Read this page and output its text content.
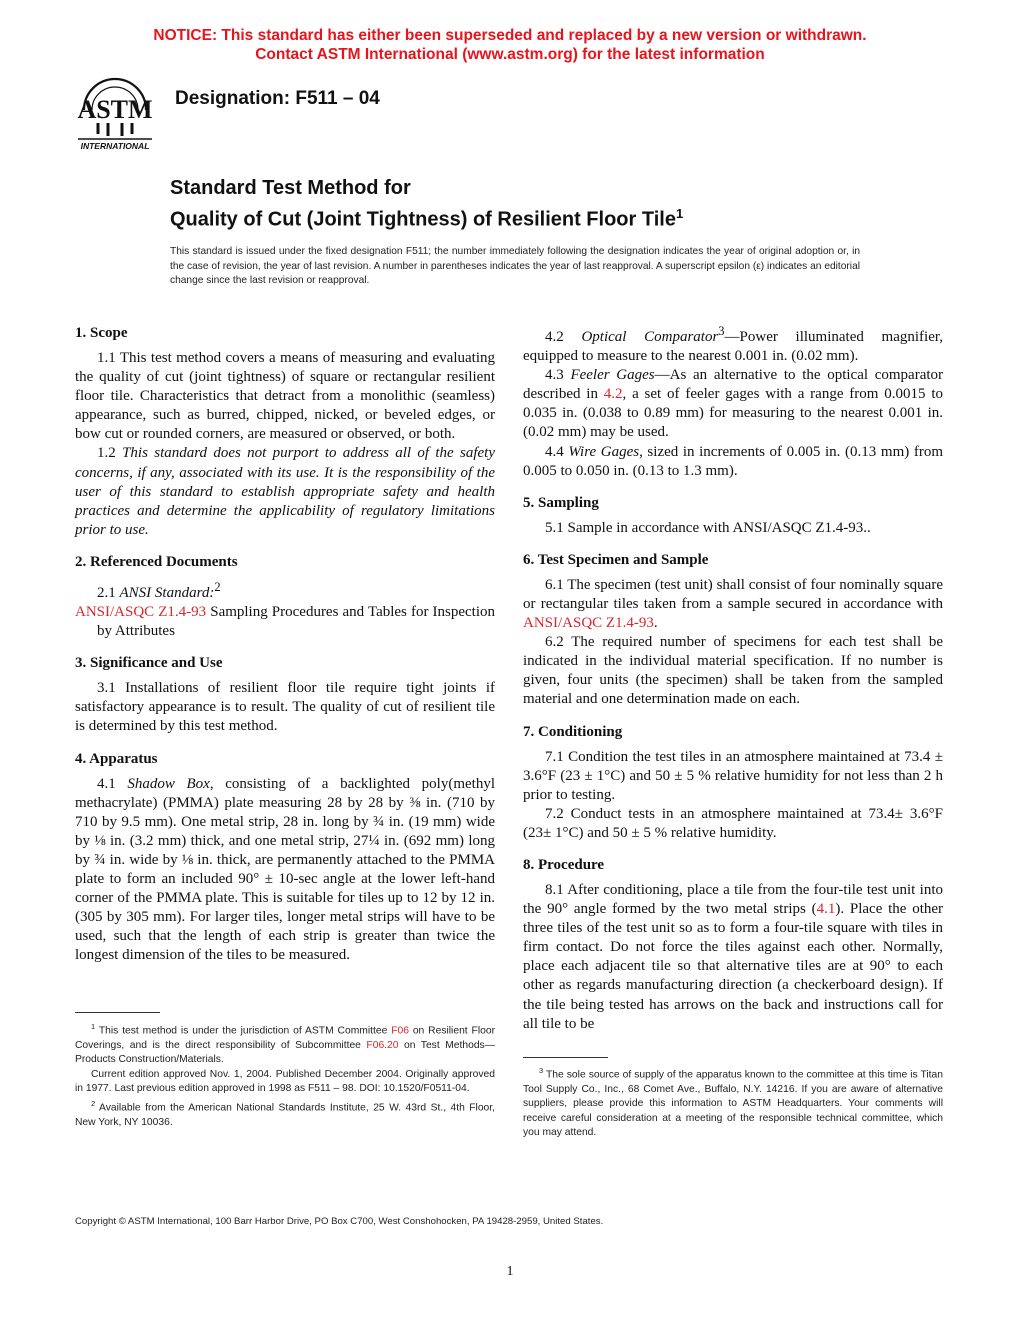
NOTICE: This standard has either been superseded and replaced by a new version or withdrawn.
Contact ASTM International (www.astm.org) for the latest information
ASTM
INTERNATIONAL
Designation: F511 – 04
Standard Test Method for
Quality of Cut (Joint Tightness) of Resilient Floor Tile$^1$
This standard is issued under the fixed designation F511; the number immediately following the designation indicates the year of original adoption or, in the case of revision, the year of last revision. A number in parentheses indicates the year of last reapproval. A superscript epsilon (ε) indicates an editorial change since the last revision or reapproval.
1. Scope

1.1 This test method covers a means of measuring and evaluating the quality of cut (joint tightness) of square or rectangular resilient floor tile. Characteristics that detract from a monolithic (seamless) appearance, such as burred, chipped, nicked, or beveled edges, or bow cut or rounded corners, are measured or observed, or both.

1.2 This standard does not purport to address all of the safety concerns, if any, associated with its use. It is the responsibility of the user of this standard to establish appropriate safety and health practices and determine the applicability of regulatory limitations prior to use.

2. Referenced Documents

2.1 ANSI Standard:$^2$

ANSI/ASQC Z1.4-93 Sampling Procedures and Tables for Inspection by Attributes

3. Significance and Use

3.1 Installations of resilient floor tile require tight joints if satisfactory appearance is to result. The quality of cut of resilient tile is determined by this test method.

4. Apparatus

4.1 Shadow Box, consisting of a backlighted poly(methyl methacrylate) (PMMA) plate measuring 28 by 28 by ⅜ in. (710 by 710 by 9.5 mm). One metal strip, 28 in. long by ¾ in. (19 mm) wide by ⅛ in. (3.2 mm) thick, and one metal strip, 27¼ in. (692 mm) long by ¾ in. wide by ⅛ in. thick, are permanently attached to the PMMA plate to form an included 90° ± 10-sec angle at the lower left-hand corner of the PMMA plate. This is suitable for tiles up to 12 by 12 in. (305 by 305 mm). For larger tiles, longer metal strips will have to be used, such that the length of each strip is greater than twice the longest dimension of the tiles to be measured.

$^1$ This test method is under the jurisdiction of ASTM Committee F06 on Resilient Floor Coverings, and is the direct responsibility of Subcommittee F06.20 on Test Methods—Products Construction/Materials.

Current edition approved Nov. 1, 2004. Published December 2004. Originally approved in 1977. Last previous edition approved in 1998 as F511 – 98. DOI: 10.1520/F0511-04.

$^2$ Available from the American National Standards Institute, 25 W. 43rd St., 4th Floor, New York, NY 10036.

4.2 Optical Comparator$^3$—Power illuminated magnifier, equipped to measure to the nearest 0.001 in. (0.02 mm).

4.3 Feeler Gages—As an alternative to the optical comparator described in 4.2, a set of feeler gages with a range from 0.0015 to 0.035 in. (0.038 to 0.89 mm) for measuring to the nearest 0.001 in. (0.02 mm) may be used.

4.4 Wire Gages, sized in increments of 0.005 in. (0.13 mm) from 0.005 to 0.050 in. (0.13 to 1.3 mm).

5. Sampling

5.1 Sample in accordance with ANSI/ASQC Z1.4-93..

6. Test Specimen and Sample

6.1 The specimen (test unit) shall consist of four nominally square or rectangular tiles taken from a sample secured in accordance with ANSI/ASQC Z1.4-93.

6.2 The required number of specimens for each test shall be indicated in the individual material specification. If no number is given, four units (the specimen) shall be taken from the sampled material and one determination made on each.

7. Conditioning

7.1 Condition the test tiles in an atmosphere maintained at 73.4 ± 3.6°F (23 ± 1°C) and 50 ± 5 % relative humidity for not less than 2 h prior to testing.

7.2 Conduct tests in an atmosphere maintained at 73.4± 3.6°F (23± 1°C) and 50 ± 5 % relative humidity.

8. Procedure

8.1 After conditioning, place a tile from the four-tile test unit into the 90° angle formed by the two metal strips (4.1). Place the other three tiles of the test unit so as to form a four-tile square with tiles in firm contact. Do not force the tiles against each other. Normally, place each adjacent tile so that alternative tiles are at 90° to each other as regards manufacturing direction (a checkerboard design). If the tile being tested has arrows on the back and instructions call for all tile to be

$^3$ The sole source of supply of the apparatus known to the committee at this time is Titan Tool Supply Co., Inc., 68 Comet Ave., Buffalo, N.Y. 14216. If you are aware of alternative suppliers, please provide this information to ASTM Headquarters. Your comments will receive careful consideration at a meeting of the responsible technical committee, which you may attend.

Copyright © ASTM International, 100 Barr Harbor Drive, PO Box C700, West Conshohocken, PA 19428-2959, United States.
1
